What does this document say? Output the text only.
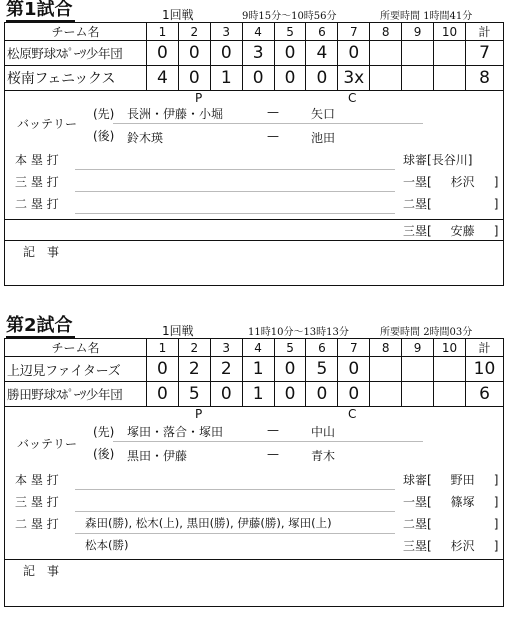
第1試合	1回戦	9時15分～10時56分	所要時間 1時間41分
チーム名	1	2	3	4	5	6	7	8	9	10	計
松原野球ｽﾎﾟｰﾂ少年団	0	0	0	3	0	4	0				7
桜南フェニックス	4	0	1	0	0	0	3x				8
P	C
バッテリー
(先) 長洲・伊藤・小堀	—	矢口
(後) 鈴木瑛	—	池田
本 塁 打
三 塁 打
二 塁 打
球審[長谷川]
一塁[ 杉沢 ]
二塁[	]
三塁[ 安藤 ]
記　事
第2試合	1回戦	11時10分～13時13分	所要時間 2時間03分
チーム名	1	2	3	4	5	6	7	8	9	10	計
上辺見ファイターズ	0	2	2	1	0	5	0				10
勝田野球ｽﾎﾟｰﾂ少年団	0	5	0	1	0	0	0				6
P	C
バッテリー
(先) 塚田・落合・塚田	—	中山
(後) 黒田・伊藤	—	青木
本 塁 打
三 塁 打
二 塁 打 森田(勝), 松木(上), 黒田(勝), 伊藤(勝), 塚田(上)
松本(勝)
球審[ 野田 ]
一塁[ 篠塚 ]
二塁[	]
三塁[ 杉沢 ]
記　事
